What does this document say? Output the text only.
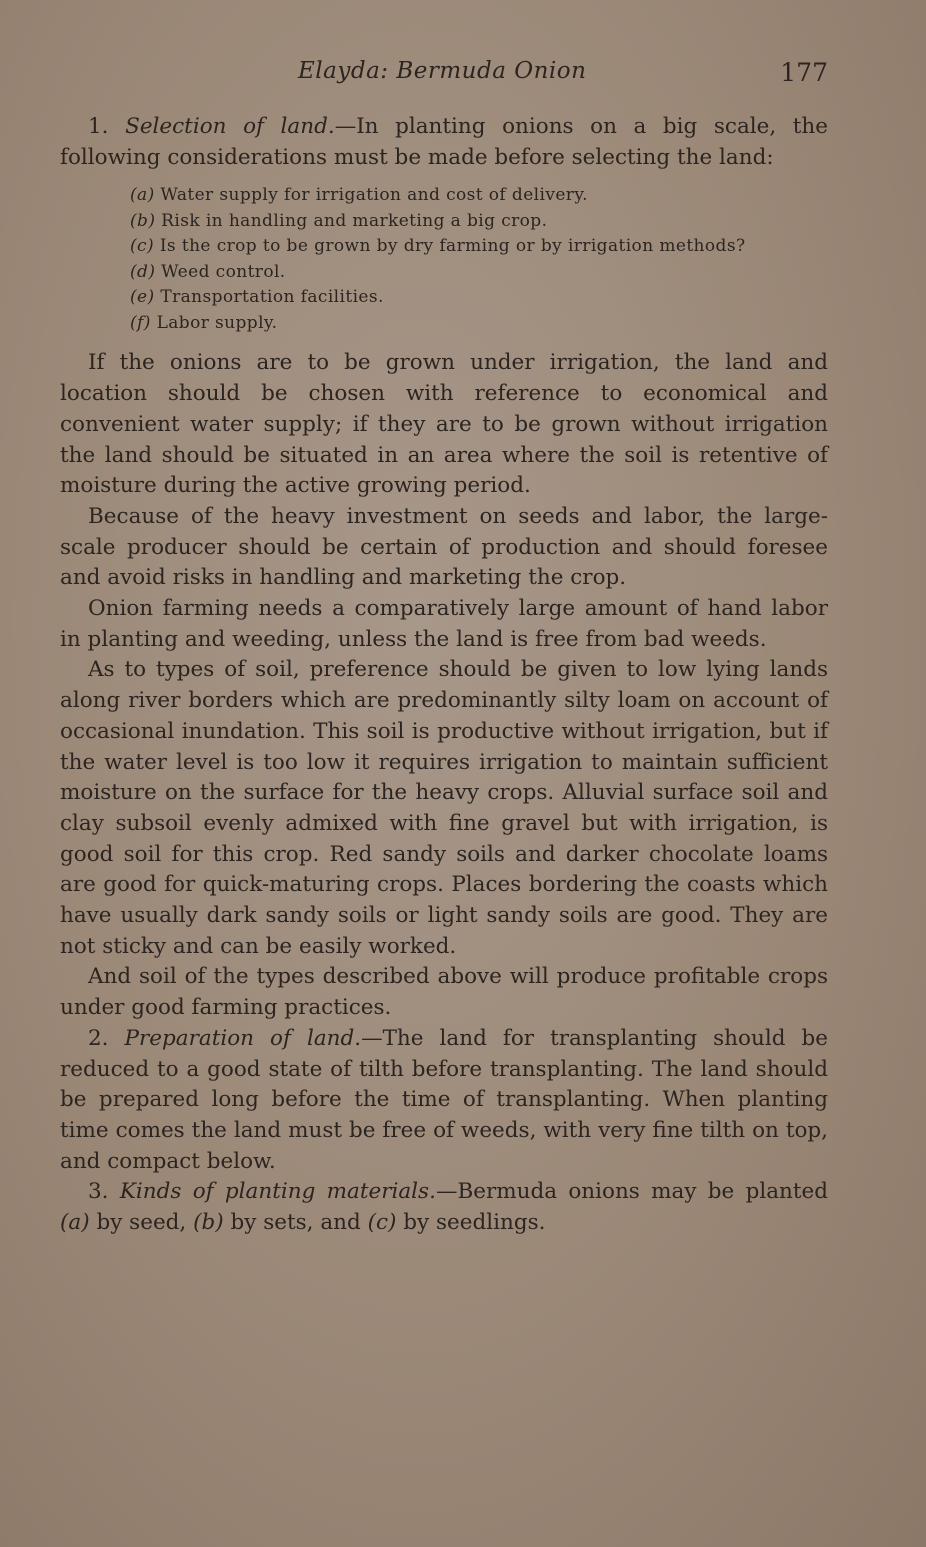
Elayda: Bermuda Onion	177

1. Selection of land.—In planting onions on a big scale, the following considerations must be made before selecting the land:

(a) Water supply for irrigation and cost of delivery.
(b) Risk in handling and marketing a big crop.
(c) Is the crop to be grown by dry farming or by irrigation methods?
(d) Weed control.
(e) Transportation facilities.
(f) Labor supply.

If the onions are to be grown under irrigation, the land and location should be chosen with reference to economical and convenient water supply; if they are to be grown without irrigation the land should be situated in an area where the soil is retentive of moisture during the active growing period.

Because of the heavy investment on seeds and labor, the large-scale producer should be certain of production and should foresee and avoid risks in handling and marketing the crop.

Onion farming needs a comparatively large amount of hand labor in planting and weeding, unless the land is free from bad weeds.

As to types of soil, preference should be given to low lying lands along river borders which are predominantly silty loam on account of occasional inundation. This soil is productive without irrigation, but if the water level is too low it requires irrigation to maintain sufficient moisture on the surface for the heavy crops. Alluvial surface soil and clay subsoil evenly admixed with fine gravel but with irrigation, is good soil for this crop. Red sandy soils and darker chocolate loams are good for quick-maturing crops. Places bordering the coasts which have usually dark sandy soils or light sandy soils are good. They are not sticky and can be easily worked.

And soil of the types described above will produce profitable crops under good farming practices.

2. Preparation of land.—The land for transplanting should be reduced to a good state of tilth before transplanting. The land should be prepared long before the time of transplanting. When planting time comes the land must be free of weeds, with very fine tilth on top, and compact below.

3. Kinds of planting materials.—Bermuda onions may be planted (a) by seed, (b) by sets, and (c) by seedlings.
